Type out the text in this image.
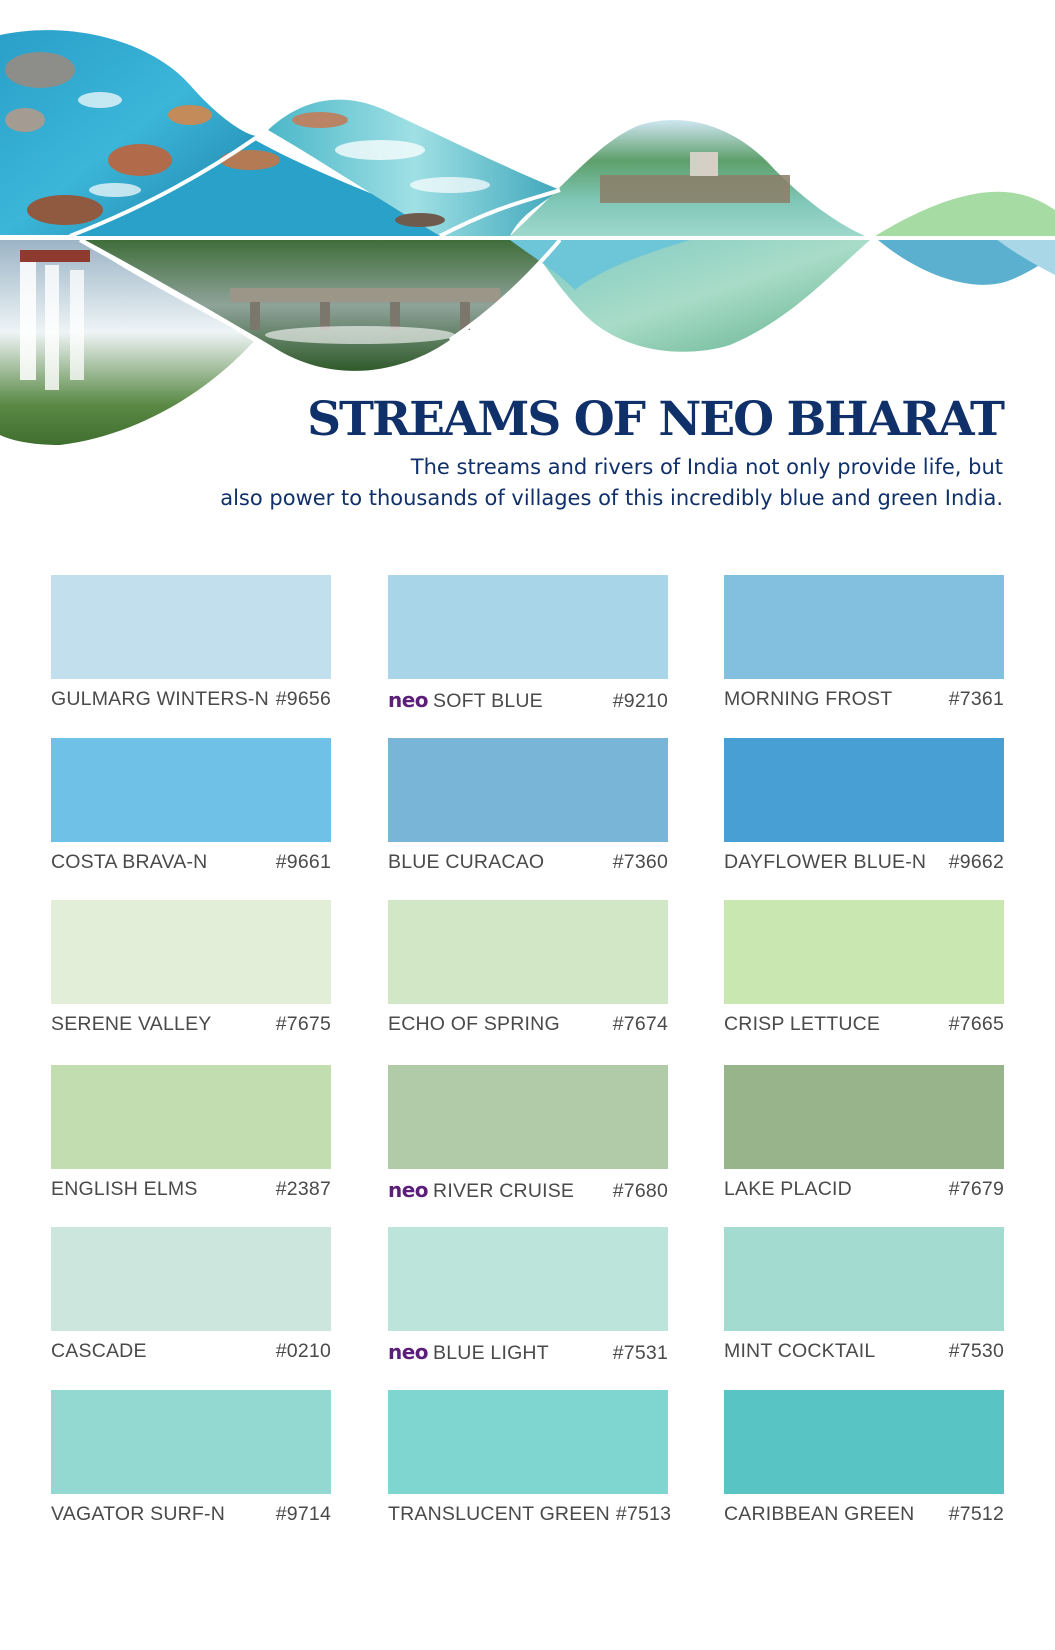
STREAMS OF NEO BHARAT
The streams and rivers of India not only provide life, but
also power to thousands of villages of this incredibly blue and green India.
GULMARG WINTERS-N #9656	neo SOFT BLUE	#9210	MORNING FROST	#7361
COSTA BRAVA-N	#9661	BLUE CURACAO	#7360	DAYFLOWER BLUE-N #9662
SERENE VALLEY	#7675	ECHO OF SPRING	#7674	CRISP LETTUCE	#7665
ENGLISH ELMS	#2387	neo RIVER CRUISE #7680	LAKE PLACID	#7679
CASCADE	#0210	neo BLUE LIGHT	#7531	MINT COCKTAIL	#7530
VAGATOR SURF-N	#9714	TRANSLUCENT GREEN #7513	CARIBBEAN GREEN #7512
